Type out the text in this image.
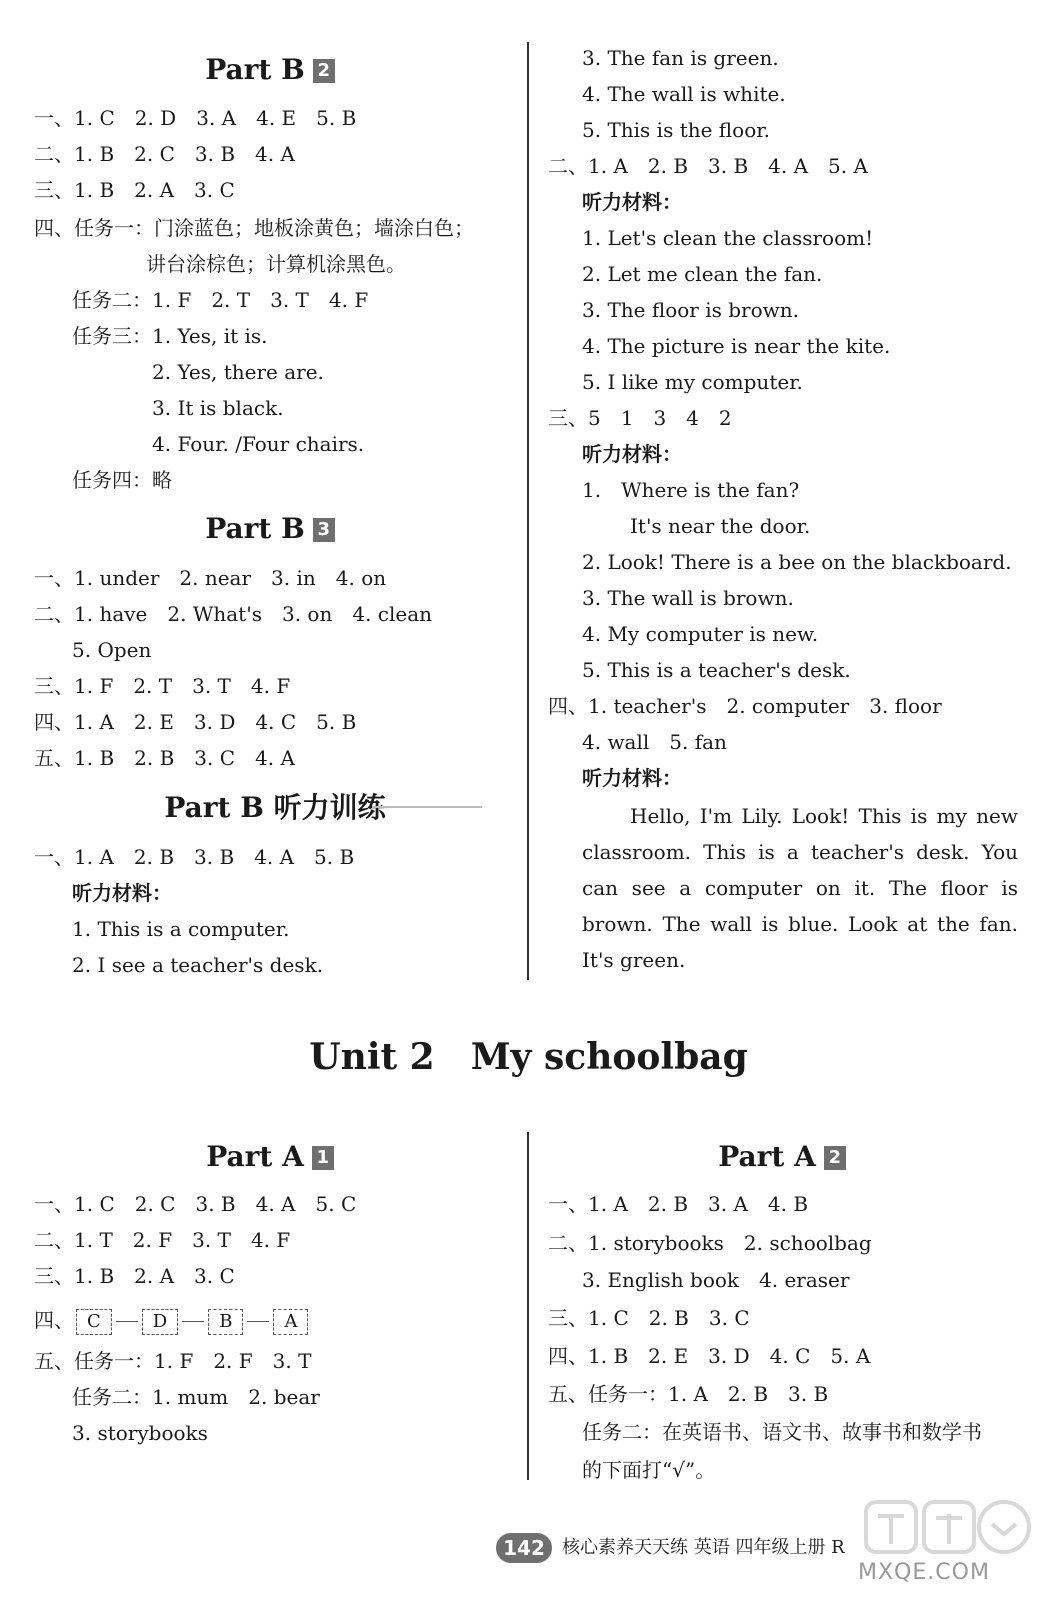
Part B 2
一、1. C　2. D　3. A　4. E　5. B
二、1. B　2. C　3. B　4. A
三、1. B　2. A　3. C
四、任务一：门涂蓝色；地板涂黄色；墙涂白色；
讲台涂棕色；计算机涂黑色。
任务二：1. F　2. T　3. T　4. F
任务三：1. Yes, it is.
2. Yes, there are.
3. It is black.
4. Four. /Four chairs.
任务四：略
Part B 3
一、1. under　2. near　3. in　4. on
二、1. have　2. What's　3. on　4. clean
5. Open
三、1. F　2. T　3. T　4. F
四、1. A　2. E　3. D　4. C　5. B
五、1. B　2. B　3. C　4. A
Part B 听力训练
一、1. A　2. B　3. B　4. A　5. B
听力材料：
1. This is a computer.
2. I see a teacher's desk.
3. The fan is green.
4. The wall is white.
5. This is the floor.
二、1. A　2. B　3. B　4. A　5. A
听力材料：
1. Let's clean the classroom!
2. Let me clean the fan.
3. The floor is brown.
4. The picture is near the kite.
5. I like my computer.
三、5　1　3　4　2
听力材料：
1.　Where is the fan?
It's near the door.
2. Look! There is a bee on the blackboard.
3. The wall is brown.
4. My computer is new.
5. This is a teacher's desk.
四、1. teacher's　2. computer　3. floor
4. wall　5. fan
听力材料：
Hello, I'm Lily. Look! This is my new classroom. This is a teacher's desk. You can see a computer on it. The floor is brown. The wall is blue. Look at the fan. It's green.
Unit 2　My schoolbag
Part A 1
一、1. C　2. C　3. B　4. A　5. C
二、1. T　2. F　3. T　4. F
三、1. B　2. A　3. C
四、 C	D	B	A
五、任务一：1. F　2. F　3. T
任务二：1. mum　2. bear
3. storybooks
Part A 2
一、1. A　2. B　3. A　4. B
二、1. storybooks　2. schoolbag
3. English book　4. eraser
三、1. C　2. B　3. C
四、1. B　2. E　3. D　4. C　5. A
五、任务一：1. A　2. B　3. B
任务二：在英语书、语文书、故事书和数学书
的下面打“√”。
142 核心素养天天练 英语 四年级上册 R
MXQE.COM
